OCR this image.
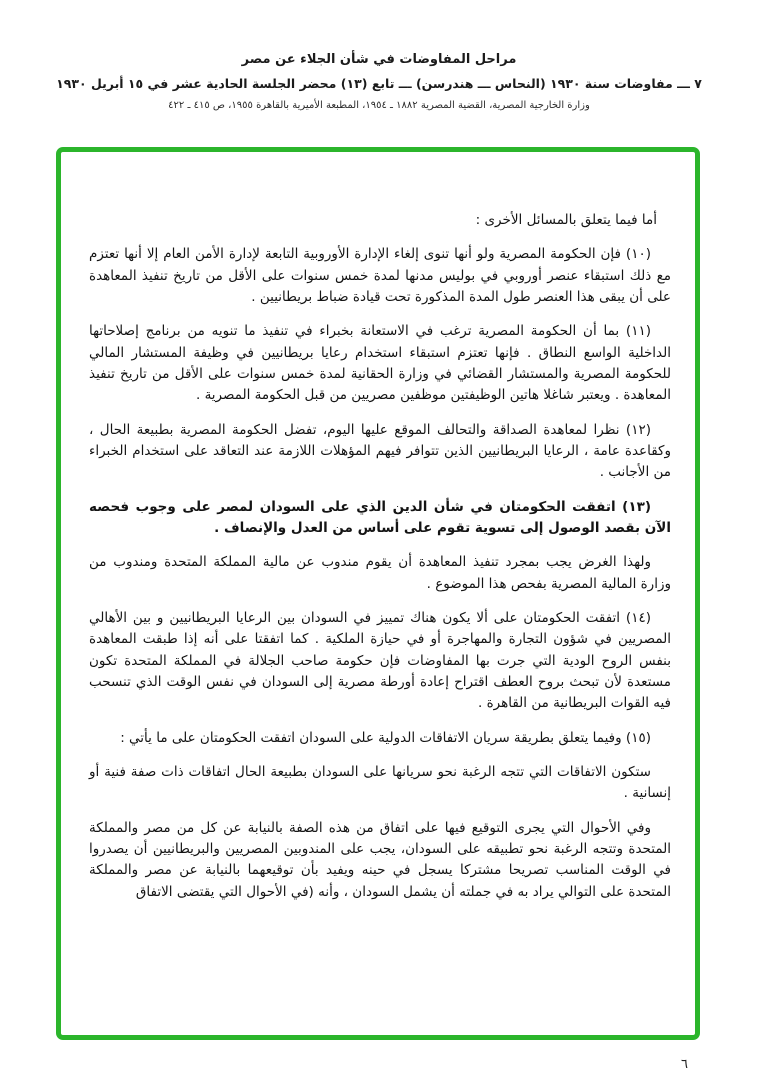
مراحل المفاوضات في شأن الجلاء عن مصر
٧ ـــ مفاوضات سنة ١٩٣٠ (النحاس ـــ هندرسن) ـــ تابع (١٣) محضر الجلسة الحادية عشر في ١٥ أبريل ١٩٣٠
وزارة الخارجية المصرية، القضية المصرية ١٨٨٢ ـ ١٩٥٤، المطبعة الأميرية بالقاهرة ١٩٥٥، ص ٤١٥ ـ ٤٢٢

أما فيما يتعلق بالمسائل الأخرى :

(١٠) فإن الحكومة المصرية ولو أنها تنوى إلغاء الإدارة الأوروبية التابعة لإدارة الأمن العام إلا أنها تعتزم مع ذلك استبقاء عنصر أوروبي في بوليس مدنها لمدة خمس سنوات على الأقل من تاريخ تنفيذ المعاهدة على أن يبقى هذا العنصر طول المدة المذكورة تحت قيادة ضباط بريطانيين .

(١١) بما أن الحكومة المصرية ترغب في الاستعانة بخبراء في تنفيذ ما تنويه من برنامج إصلاحاتها الداخلية الواسع النطاق . فإنها تعتزم استبقاء استخدام رعايا بريطانيين في وظيفة المستشار المالي للحكومة المصرية والمستشار القضائي في وزارة الحقانية لمدة خمس سنوات على الأقل من تاريخ تنفيذ المعاهدة . ويعتبر شاغلا هاتين الوظيفتين موظفين مصريين من قبل الحكومة المصرية .

(١٢) نظرا لمعاهدة الصداقة والتحالف الموقع عليها اليوم، تفضل الحكومة المصرية بطبيعة الحال ، وكقاعدة عامة ، الرعايا البريطانيين الذين تتوافر فيهم المؤهلات اللازمة عند التعاقد على استخدام الخبراء من الأجانب .

(١٣) اتفقت الحكومتان في شأن الدين الذي على السودان لمصر على وجوب فحصه الآن بقصد الوصول إلى تسوية تقوم على أساس من العدل والإنصاف .

ولهذا الغرض يجب بمجرد تنفيذ المعاهدة أن يقوم مندوب عن مالية المملكة المتحدة ومندوب من وزارة المالية المصرية بفحص هذا الموضوع .

(١٤) اتفقت الحكومتان على ألا يكون هناك تمييز في السودان بين الرعايا البريطانيين و بين الأهالي المصريين في شؤون التجارة والمهاجرة أو في حيازة الملكية . كما اتفقتا على أنه إذا طبقت المعاهدة بنفس الروح الودية التي جرت بها المفاوضات فإن حكومة صاحب الجلالة في المملكة المتحدة تكون مستعدة لأن تبحث بروح العطف اقتراح إعادة أورطة مصرية إلى السودان في نفس الوقت الذي تنسحب فيه القوات البريطانية من القاهرة .

(١٥) وفيما يتعلق بطريقة سريان الاتفاقات الدولية على السودان اتفقت الحكومتان على ما يأتي :

ستكون الاتفاقات التي تتجه الرغبة نحو سريانها على السودان بطبيعة الحال اتفاقات ذات صفة فنية أو إنسانية .

وفي الأحوال التي يجرى التوقيع فيها على اتفاق من هذه الصفة بالنيابة عن كل من مصر والمملكة المتحدة وتتجه الرغبة نحو تطبيقه على السودان، يجب على المندوبين المصريين والبريطانيين أن يصدروا في الوقت المناسب تصريحا مشتركا يسجل في حينه ويفيد بأن توقيعهما بالنيابة عن مصر والمملكة المتحدة على التوالي يراد به في جملته أن يشمل السودان ، وأنه (في الأحوال التي يقتضى الاتفاق

٦
